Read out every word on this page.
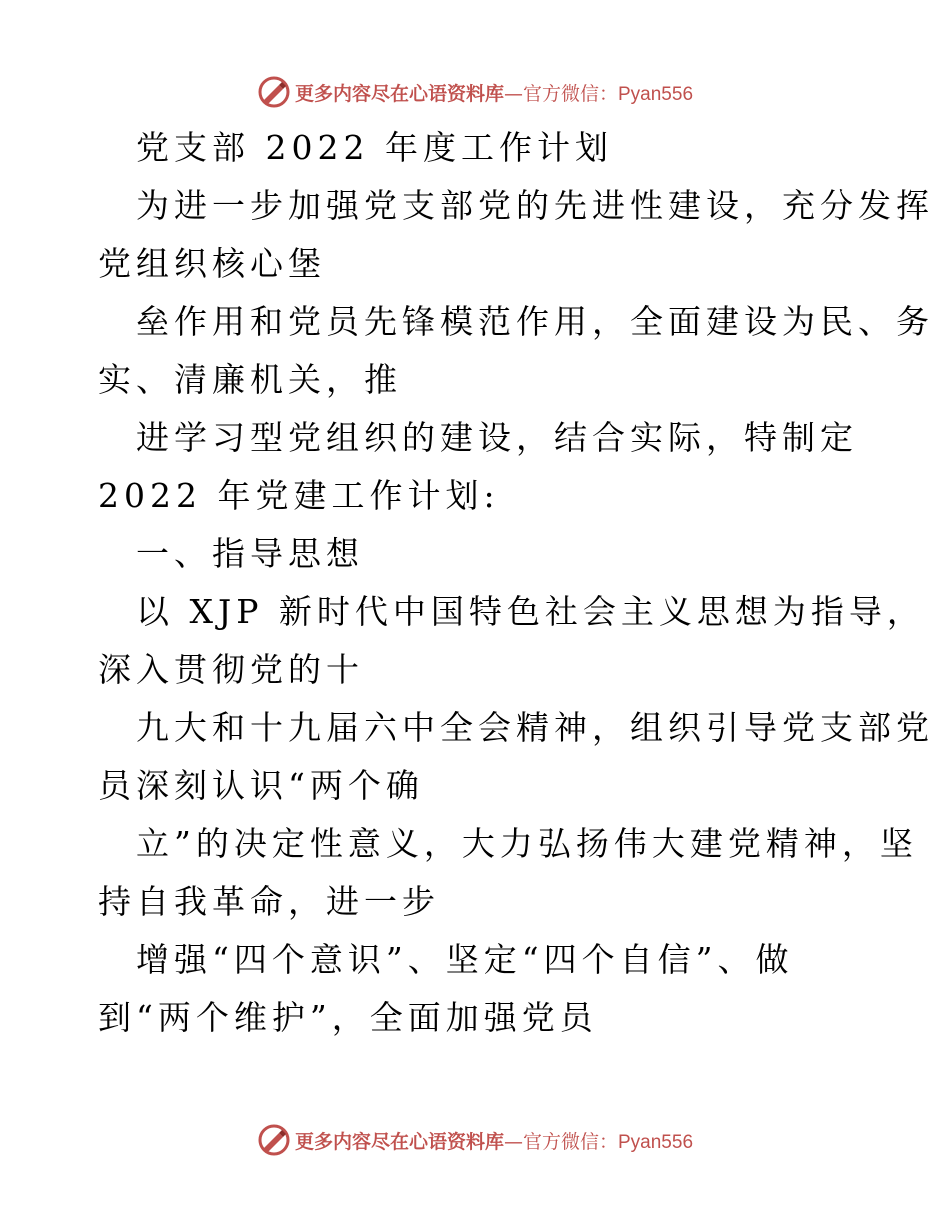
更多内容尽在心语资料库—官方微信：Pyan556
党支部 2022 年度工作计划
为进一步加强党支部党的先进性建设，充分发挥
党组织核心堡
垒作用和党员先锋模范作用，全面建设为民、务
实、清廉机关，推
进学习型党组织的建设，结合实际，特制定
2022 年党建工作计划:
一、指导思想
以 XJP 新时代中国特色社会主义思想为指导，
深入贯彻党的十
九大和十九届六中全会精神，组织引导党支部党
员深刻认识“两个确
立”的决定性意义，大力弘扬伟大建党精神，坚
持自我革命，进一步
增强“四个意识”、坚定“四个自信”、做
到“两个维护”，全面加强党员
更多内容尽在心语资料库—官方微信：Pyan556
